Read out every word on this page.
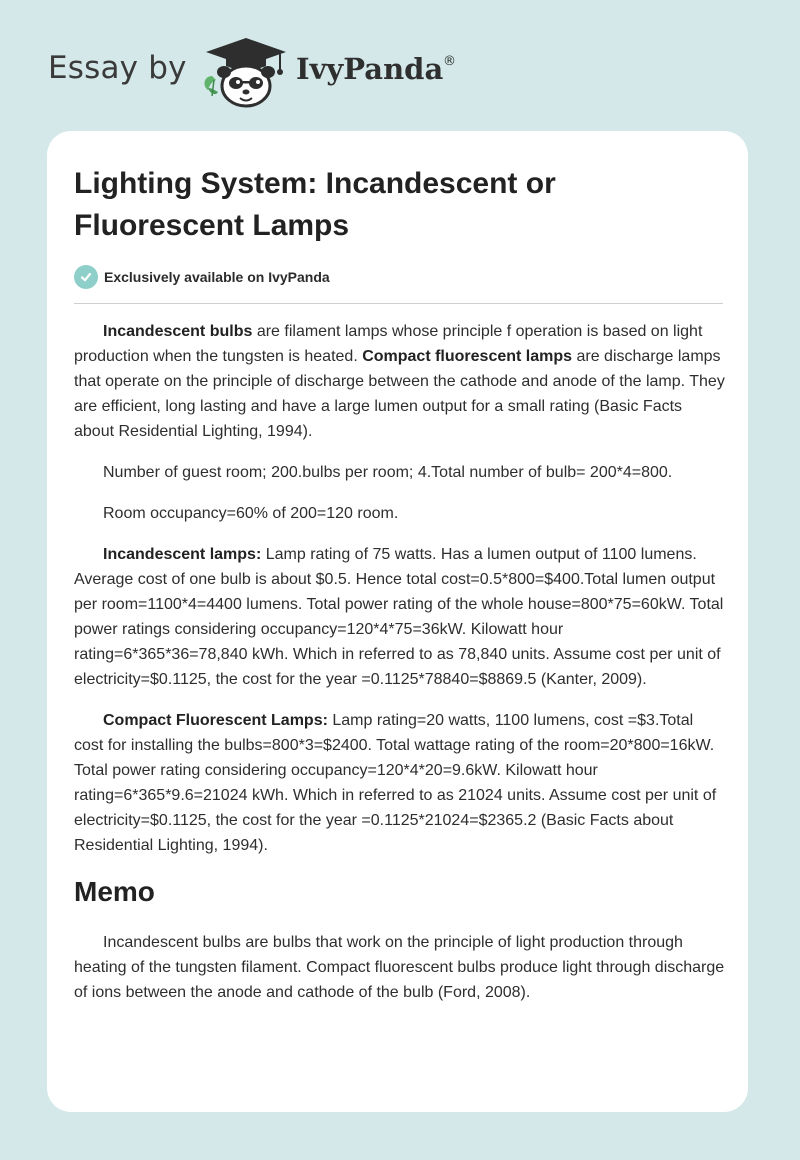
Essay by	IvyPanda ®
Lighting System: Incandescent or Fluorescent Lamps
Exclusively available on IvyPanda

Incandescent bulbs are filament lamps whose principle f operation is based on light production when the tungsten is heated. Compact fluorescent lamps are discharge lamps that operate on the principle of discharge between the cathode and anode of the lamp. They are efficient, long lasting and have a large lumen output for a small rating (Basic Facts about Residential Lighting, 1994).

Number of guest room; 200.bulbs per room; 4.Total number of bulb= 200*4=800.

Room occupancy=60% of 200=120 room.

Incandescent lamps: Lamp rating of 75 watts. Has a lumen output of 1100 lumens. Average cost of one bulb is about $0.5. Hence total cost=0.5*800=$400.Total lumen output per room=1100*4=4400 lumens. Total power rating of the whole house=800*75=60kW. Total power ratings considering occupancy=120*4*75=36kW. Kilowatt hour rating=6*365*36=78,840 kWh. Which in referred to as 78,840 units. Assume cost per unit of electricity=$0.1125, the cost for the year =0.1125*78840=$8869.5 (Kanter, 2009).

Compact Fluorescent Lamps: Lamp rating=20 watts, 1100 lumens, cost =$3.Total cost for installing the bulbs=800*3=$2400. Total wattage rating of the room=20*800=16kW. Total power rating considering occupancy=120*4*20=9.6kW. Kilowatt hour rating=6*365*9.6=21024 kWh. Which in referred to as 21024 units. Assume cost per unit of electricity=$0.1125, the cost for the year =0.1125*21024=$2365.2 (Basic Facts about Residential Lighting, 1994).

Memo

Incandescent bulbs are bulbs that work on the principle of light production through heating of the tungsten filament. Compact fluorescent bulbs produce light through discharge of ions between the anode and cathode of the bulb (Ford, 2008).
